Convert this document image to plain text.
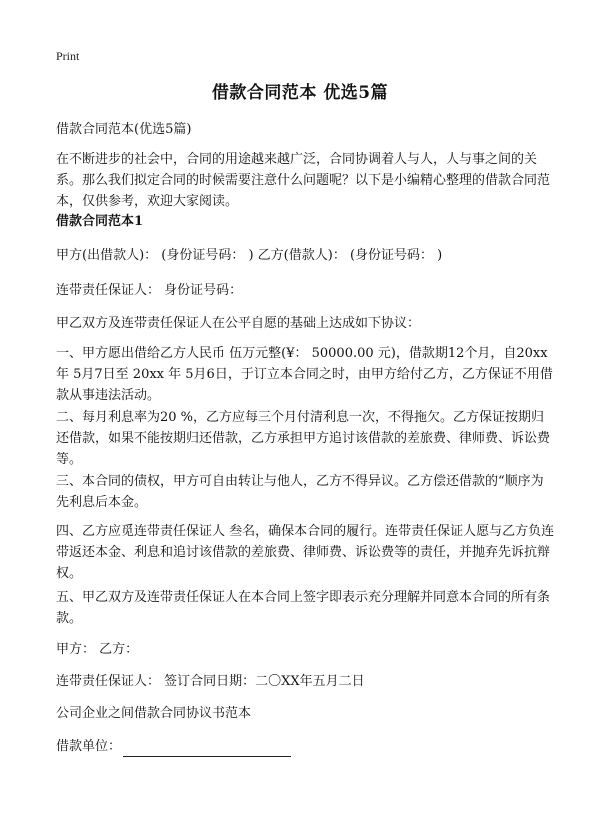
Print
借款合同范本 优选5篇

借款合同范本(优选5篇)

在不断进步的社会中，合同的用途越来越广泛，合同协调着人与人，人与事之间的关系。那么我们拟定合同的时候需要注意什么问题呢？以下是小编精心整理的借款合同范本，仅供参考，欢迎大家阅读。

借款合同范本1

甲方(出借款人)： (身份证号码： ) 乙方(借款人)： (身份证号码： )

连带责任保证人： 身份证号码：

甲乙双方及连带责任保证人在公平自愿的基础上达成如下协议：

一、甲方愿出借给乙方人民币 伍万元整(¥： 50000.00 元)，借款期12个月，自20xx 年 5月7日至 20xx 年 5月6日，于订立本合同之时，由甲方给付乙方，乙方保证不用借款从事违法活动。

二、每月利息率为20 %，乙方应每三个月付清利息一次，不得拖欠。乙方保证按期归还借款，如果不能按期归还借款，乙方承担甲方追讨该借款的差旅费、律师费、诉讼费等。

三、本合同的债权，甲方可自由转让与他人，乙方不得异议。乙方偿还借款的“顺序为先利息后本金。

四、乙方应觅连带责任保证人 叁名，确保本合同的履行。连带责任保证人愿与乙方负连带返还本金、利息和追讨该借款的差旅费、律师费、诉讼费等的责任，并抛弃先诉抗辩权。

五、甲乙双方及连带责任保证人在本合同上签字即表示充分理解并同意本合同的所有条款。

甲方： 乙方：

连带责任保证人： 签订合同日期：二〇XX年五月二日

公司企业之间借款合同协议书范本

借款单位：
